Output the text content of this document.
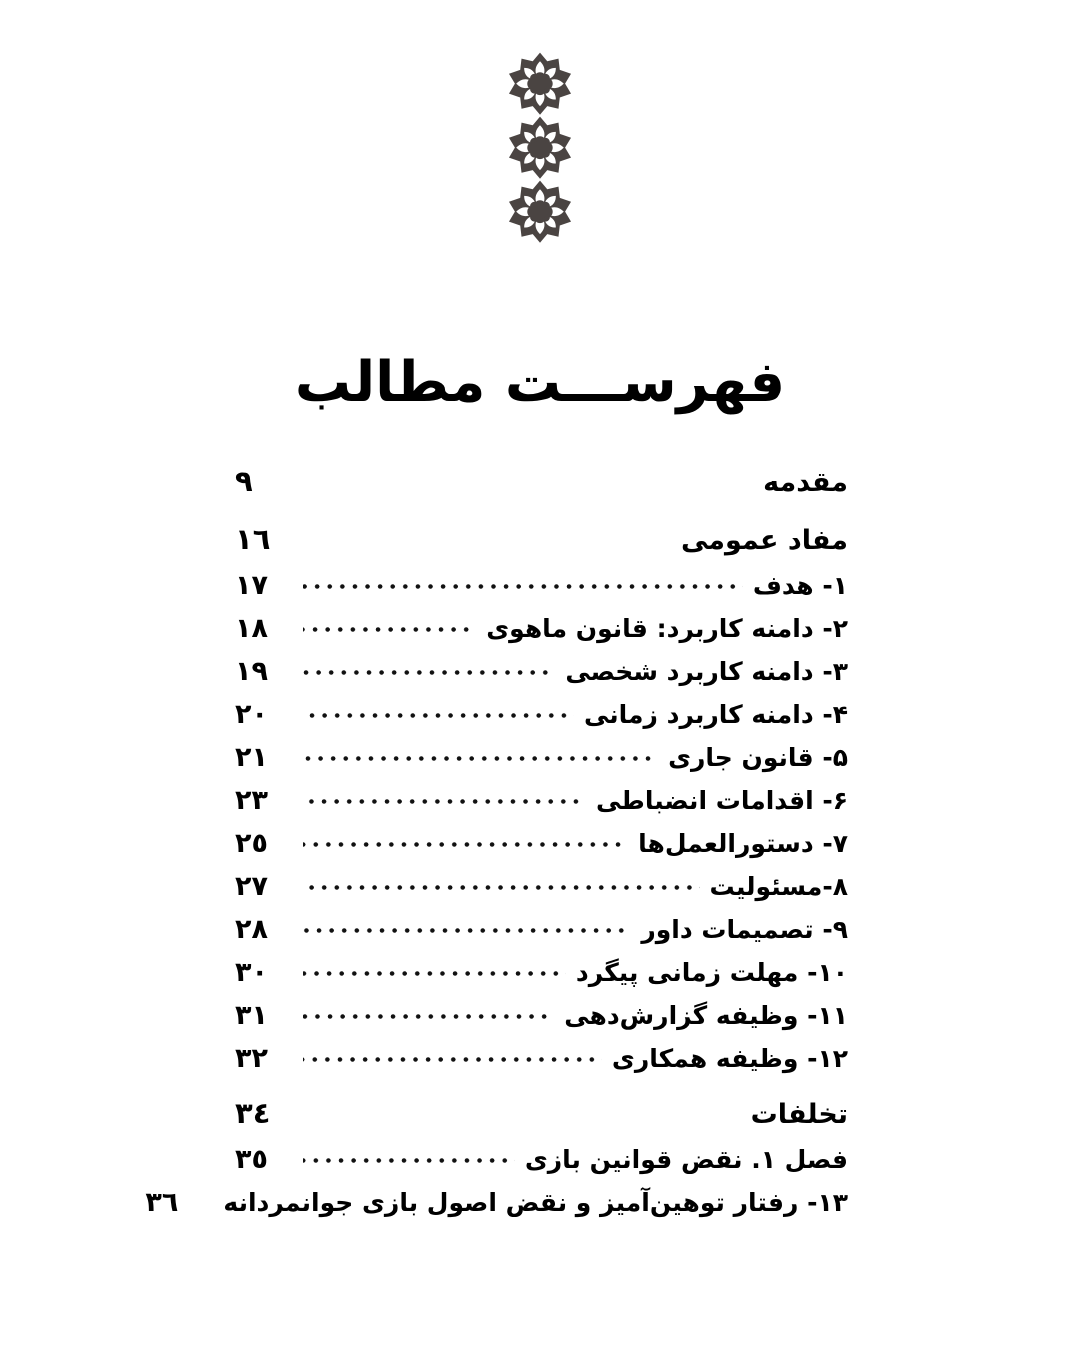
فهرســـت مطالب
مقدمه
٩
مفاد عمومی
١٦
۱- هدف
١٧
۲- دامنه کاربرد: قانون ماهوی
١٨
۳- دامنه کاربرد شخصی
١٩
۴- دامنه کاربرد زمانی
٢٠
۵- قانون جاری
٢١
۶- اقدامات انضباطی
٢٣
۷- دستورالعمل‌ها
٢٥
۸-مسئولیت
٢٧
۹- تصمیمات داور
٢٨
۱۰- مهلت زمانی پیگرد
٣٠
۱۱- وظیفه گزارش‌دهی
٣١
۱۲- وظیفه همکاری
٣٢
تخلفات
٣٤
فصل ۱. نقض قوانین بازی
٣٥
۱۳- رفتار توهین‌آمیز و نقض اصول بازی جوانمردانه
٣٦
